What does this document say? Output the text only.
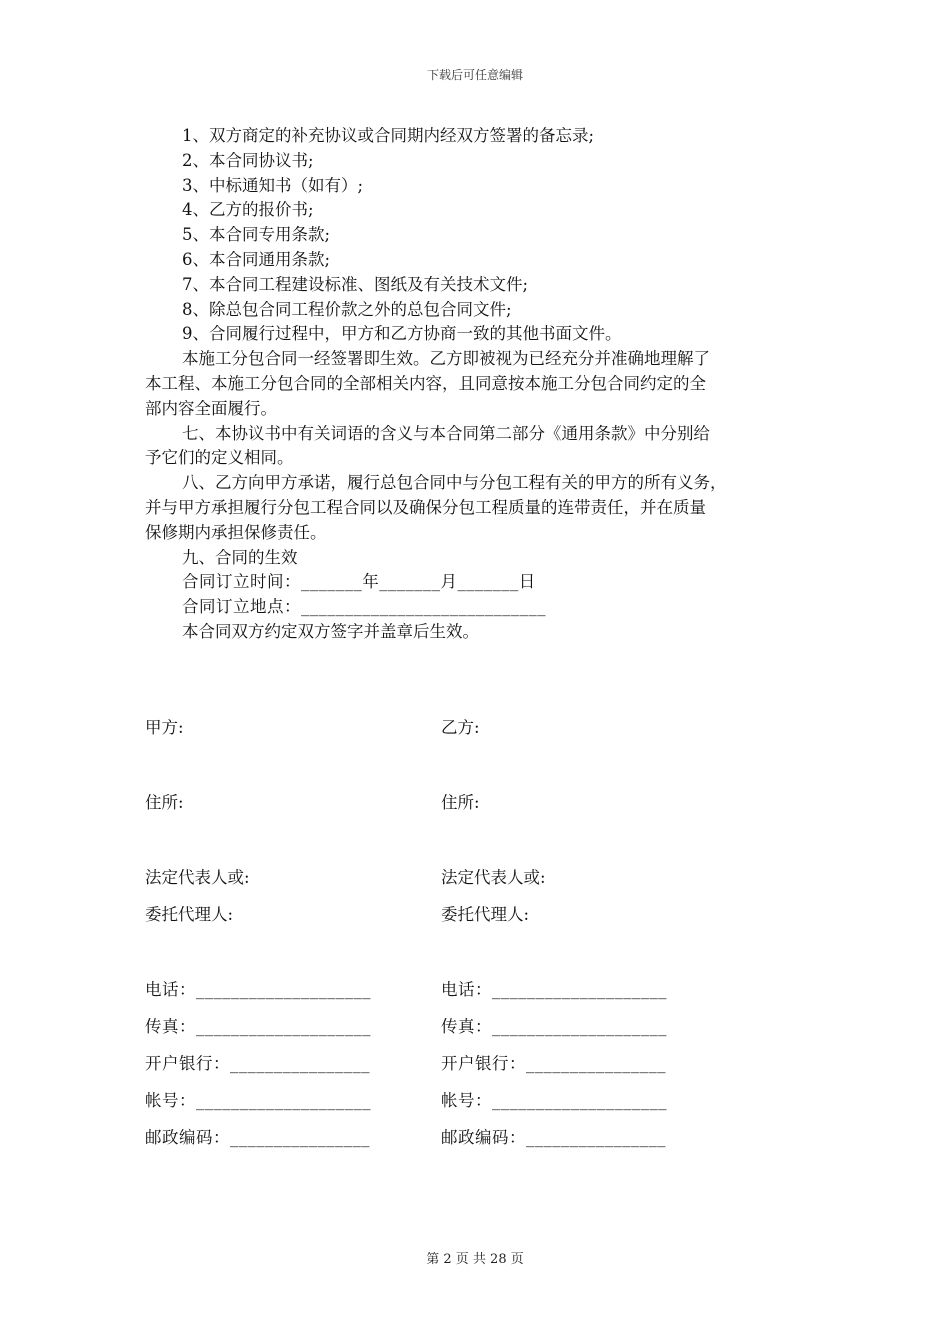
下载后可任意编辑
1、双方商定的补充协议或合同期内经双方签署的备忘录;
2、本合同协议书;
3、中标通知书（如有）;
4、乙方的报价书;
5、本合同专用条款;
6、本合同通用条款;
7、本合同工程建设标准、图纸及有关技术文件;
8、除总包合同工程价款之外的总包合同文件;
9、合同履行过程中，甲方和乙方协商一致的其他书面文件。
本施工分包合同一经签署即生效。乙方即被视为已经充分并准确地理解了
本工程、本施工分包合同的全部相关内容，且同意按本施工分包合同约定的全
部内容全面履行。
七、本协议书中有关词语的含义与本合同第二部分《通用条款》中分别给
予它们的定义相同。
八、乙方向甲方承诺，履行总包合同中与分包工程有关的甲方的所有义务，
并与甲方承担履行分包工程合同以及确保分包工程质量的连带责任，并在质量
保修期内承担保修责任。
九、合同的生效
合同订立时间：_______年_______月_______日
合同订立地点：____________________________
本合同双方约定双方签字并盖章后生效。
甲方:	乙方:
住所:	住所:
法定代表人或:	法定代表人或:
委托代理人:	委托代理人:
电话：____________________	电话：____________________
传真：____________________	传真：____________________
开户银行：________________	开户银行：________________
帐号：____________________	帐号：____________________
邮政编码：________________	邮政编码：________________
第 2 页 共 28 页
